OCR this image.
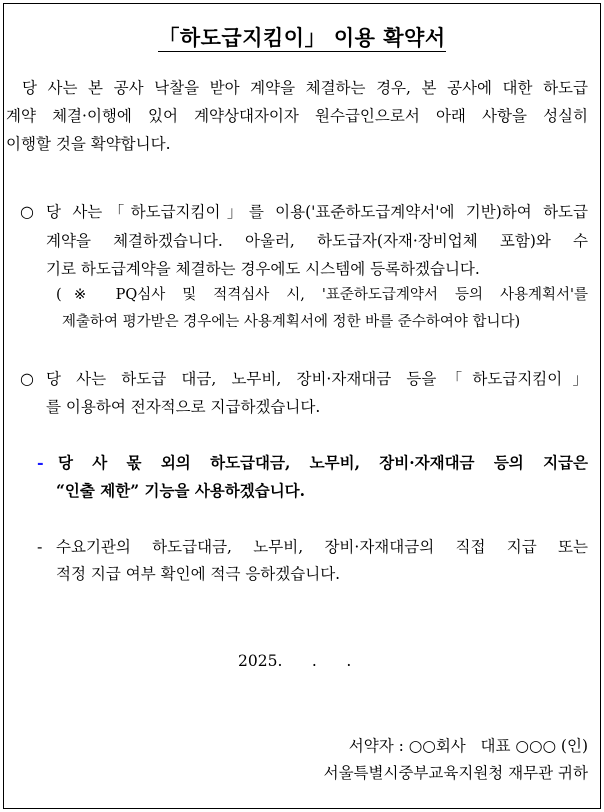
「하도급지킴이」 이용 확약서
당 사는 본 공사 낙찰을 받아 계약을 체결하는 경우, 본 공사에 대한 하도급
계약 체결·이행에 있어 계약상대자이자 원수급인으로서 아래 사항을 성실히
이행할 것을 확약합니다.
○ 당 사는「하도급지킴이」를 이용('표준하도급계약서'에 기반)하여 하도급
계약을 체결하겠습니다. 아울러, 하도급자(자재·장비업체 포함)와 수
기로 하도급계약을 체결하는 경우에도 시스템에 등록하겠습니다.
(※ PQ심사 및 적격심사 시, '표준하도급계약서 등의 사용계획서'를
제출하여 평가받은 경우에는 사용계획서에 정한 바를 준수하여야 합니다)
○ 당 사는 하도급 대금, 노무비, 장비·자재대금 등을「하도급지킴이」
를 이용하여 전자적으로 지급하겠습니다.
- 당 사 몫 외의 하도급대금, 노무비, 장비·자재대금 등의 지급은
“인출 제한” 기능을 사용하겠습니다.
- 수요기관의 하도급대금, 노무비, 장비·자재대금의 직접 지급 또는
적정 지급 여부 확인에 적극 응하겠습니다.
2025.      .      .
서약자 : ○○회사   대표 ○○○ (인)
서울특별시중부교육지원청 재무관 귀하
